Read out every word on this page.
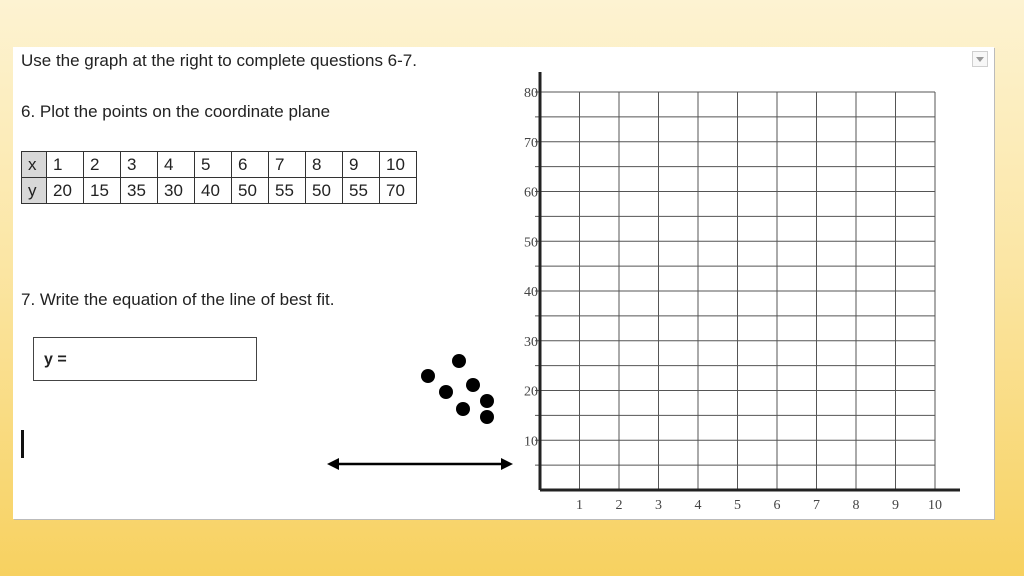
Use the graph at the right to complete questions 6-7.
6. Plot the points on the coordinate plane
x	1	2	3	4	5	6	7	8	9	10
y	20	15	35	30	40	50	55	50	55	70
7. Write the equation of the line of best fit.
y =
1 2 3 4 5 6 7 8 9 10
10
20
30
40
50
60
70
80
